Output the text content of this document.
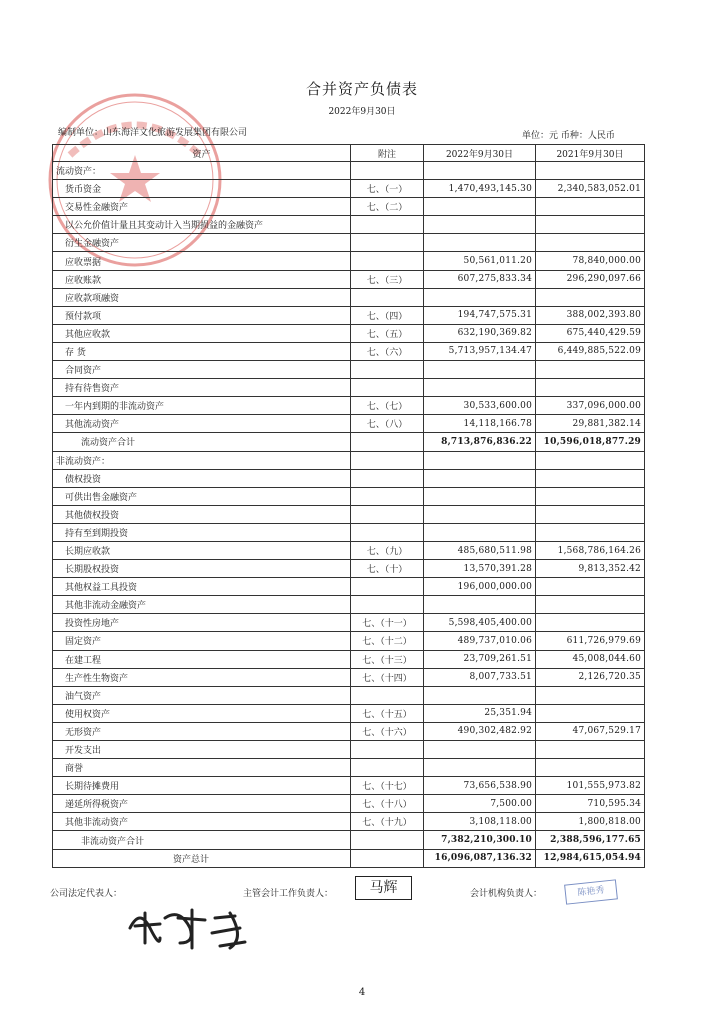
合并资产负债表
2022年9月30日
编制单位：山东海洋文化旅游发展集团有限公司	单位：元 币种：人民币
资产	附注	2022年9月30日	2021年9月30日
流动资产：			
货币资金	七、（一）	1,470,493,145.30	2,340,583,052.01
交易性金融资产	七、（二）		
以公允价值计量且其变动计入当期损益的金融资产			
衍生金融资产			
应收票据		50,561,011.20	78,840,000.00
应收账款	七、（三）	607,275,833.34	296,290,097.66
应收款项融资			
预付款项	七、（四）	194,747,575.31	388,002,393.80
其他应收款	七、（五）	632,190,369.82	675,440,429.59
存 货	七、（六）	5,713,957,134.47	6,449,885,522.09
合同资产			
持有待售资产			
一年内到期的非流动资产	七、（七）	30,533,600.00	337,096,000.00
其他流动资产	七、（八）	14,118,166.78	29,881,382.14
流动资产合计		8,713,876,836.22	10,596,018,877.29
非流动资产：			
债权投资			
可供出售金融资产			
其他债权投资			
持有至到期投资			
长期应收款	七、（九）	485,680,511.98	1,568,786,164.26
长期股权投资	七、（十）	13,570,391.28	9,813,352.42
其他权益工具投资		196,000,000.00	
其他非流动金融资产			
投资性房地产	七、（十一）	5,598,405,400.00	
固定资产	七、（十二）	489,737,010.06	611,726,979.69
在建工程	七、（十三）	23,709,261.51	45,008,044.60
生产性生物资产	七、（十四）	8,007,733.51	2,126,720.35
油气资产			
使用权资产	七、（十五）	25,351.94	
无形资产	七、（十六）	490,302,482.92	47,067,529.17
开发支出			
商誉			
长期待摊费用	七、（十七）	73,656,538.90	101,555,973.82
递延所得税资产	七、（十八）	7,500.00	710,595.34
其他非流动资产	七、（十九）	3,108,118.00	1,800,818.00
非流动资产合计		7,382,210,300.10	2,388,596,177.65
资产总计		16,096,087,136.32	12,984,615,054.94
公司法定代表人：	主管会计工作负责人：	马辉	会计机构负责人：	陈艳秀
4
